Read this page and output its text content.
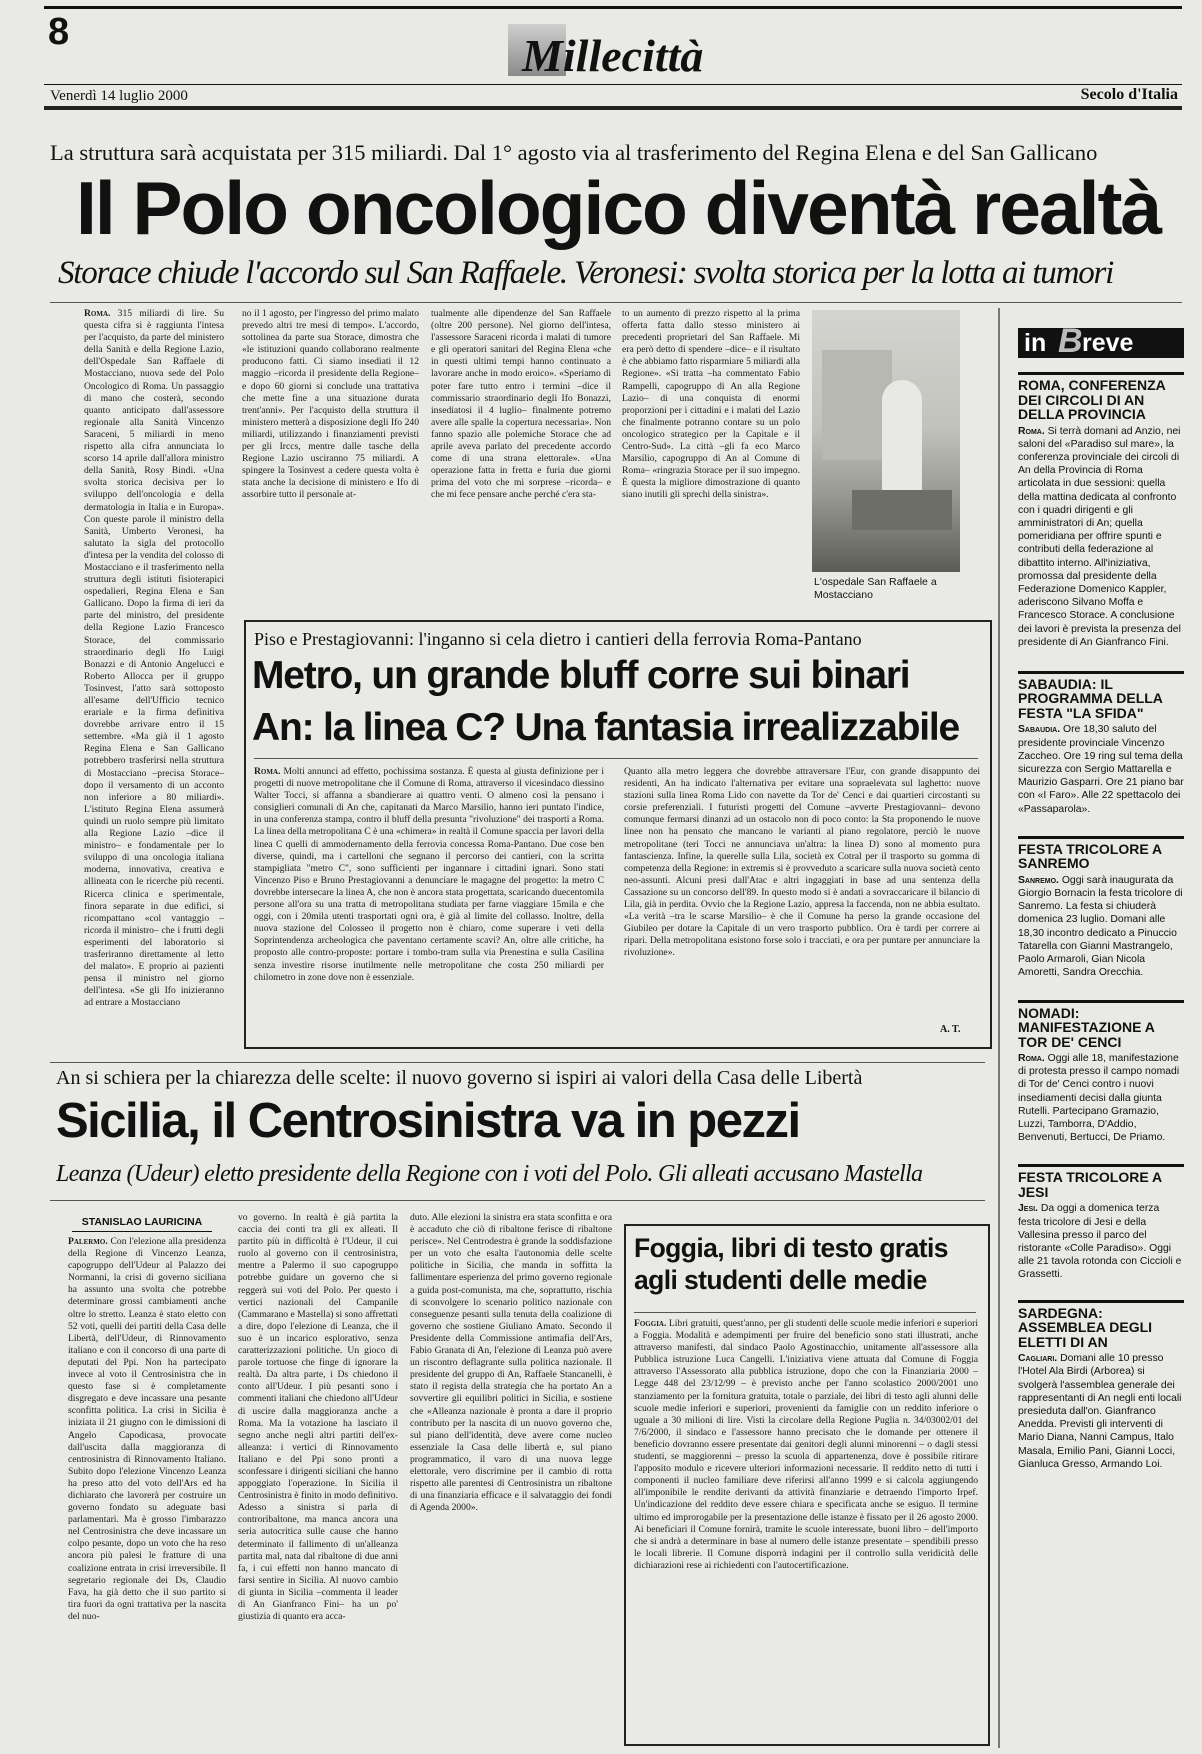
8	Millecittà
Venerdì 14 luglio 2000	Secolo d'Italia
La struttura sarà acquistata per 315 miliardi. Dal 1° agosto via al trasferimento del Regina Elena e del San Gallicano
Il Polo oncologico diventà realtà
Storace chiude l'accordo sul San Raffaele. Veronesi: svolta storica per la lotta ai tumori
Roma. 315 miliardi di lire. Su questa cifra si è raggiunta l'intesa per l'acquisto, da parte del ministero della Sanità e della Regione Lazio, dell'Ospedale San Raffaele di Mostacciano, nuova sede del Polo Oncologico di Roma. Un passaggio di mano che costerà, secondo quanto anticipato dall'assessore regionale alla Sanità Vincenzo Saraceni, 5 miliardi in meno rispetto alla cifra annunciata lo scorso 14 aprile dall'allora ministro della Sanità, Rosy Bindi. «Una svolta storica decisiva per lo sviluppo dell'oncologia e della dermatologia in Italia e in Europa». Con queste parole il ministro della Sanità, Umberto Veronesi, ha salutato la sigla del protocollo d'intesa per la vendita del colosso di Mostacciano e il trasferimento nella struttura degli istituti fisioterapici ospedalieri, Regina Elena e San Gallicano. Dopo la firma di ieri da parte del ministro, del presidente della Regione Lazio Francesco Storace, del commissario straordinario degli Ifo Luigi Bonazzi e di Antonio Angelucci e Roberto Allocca per il gruppo Tosinvest, l'atto sarà sottoposto all'esame dell'Ufficio tecnico erariale e la firma definitiva dovrebbe arrivare entro il 15 settembre. «Ma già il 1 agosto Regina Elena e San Gallicano potrebbero trasferirsi nella struttura di Mostacciano –precisa Storace– dopo il versamento di un acconto non inferiore a 80 miliardi». L'istituto Regina Elena assumerà quindi un ruolo sempre più limitato alla Regione Lazio –dice il ministro– e fondamentale per lo sviluppo di una oncologia italiana moderna, innovativa, creativa e allineata con le ricerche più recenti. Ricerca clinica e sperimentale, finora separate in due edifici, si ricompattano «col vantaggio –ricorda il ministro– che i frutti degli esperimenti del laboratorio si trasferiranno direttamente al letto del malato». E proprio ai pazienti pensa il ministro nel giorno dell'intesa. «Se gli Ifo inizieranno ad entrare a Mostacciano
no il 1 agosto, per l'ingresso del primo malato prevedo altri tre mesi di tempo». L'accordo, sottolinea da parte sua Storace, dimostra che «le istituzioni quando collaborano realmente producono fatti. Ci siamo insediati il 12 maggio –ricorda il presidente della Regione– e dopo 60 giorni si conclude una trattativa che mette fine a una situazione durata trent'anni». Per l'acquisto della struttura il ministero metterà a disposizione degli Ifo 240 miliardi, utilizzando i finanziamenti previsti per gli Irccs, mentre dalle tasche della Regione Lazio usciranno 75 miliardi. A spingere la Tosinvest a cedere questa volta è stata anche la decisione di ministero e Ifo di assorbire tutto il personale at-
tualmente alle dipendenze del San Raffaele (oltre 200 persone). Nel giorno dell'intesa, l'assessore Saraceni ricorda i malati di tumore e gli operatori sanitari del Regina Elena «che in questi ultimi tempi hanno continuato a lavorare anche in modo eroico». «Speriamo di poter fare tutto entro i termini –dice il commissario straordinario degli Ifo Bonazzi, insediatosi il 4 luglio– finalmente potremo avere alle spalle la copertura necessaria». Non fanno spazio alle polemiche Storace che ad aprile aveva parlato del precedente accordo come di una strana elettorale». «Una operazione fatta in fretta e furia due giorni prima del voto che mi sorprese –ricorda– e che mi fece pensare anche perché c'era sta-
to un aumento di prezzo rispetto al la prima offerta fatta dallo stesso ministero ai precedenti proprietari del San Raffaele. Mi era però detto di spendere –dice– e il risultato è che abbiamo fatto risparmiare 5 miliardi alla Regione». «Si tratta –ha commentato Fabio Rampelli, capogruppo di An alla Regione Lazio– di una conquista di enormi proporzioni per i cittadini e i malati del Lazio che finalmente potranno contare su un polo oncologico strategico per la Capitale e il Centro-Sud». La città –gli fa eco Marco Marsilio, capogruppo di An al Comune di Roma– «ringrazia Storace per il suo impegno. È questa la migliore dimostrazione di quanto siano inutili gli sprechi della sinistra».
L'ospedale San Raffaele a Mostacciano
Piso e Prestagiovanni: l'inganno si cela dietro i cantieri della ferrovia Roma-Pantano
Metro, un grande bluff corre sui binari
An: la linea C? Una fantasia irrealizzabile
Roma. Molti annunci ad effetto, pochissima sostanza. È questa al giusta definizione per i progetti di nuove metropolitane che il Comune di Roma, attraverso il vicesindaco diessino Walter Tocci, si affanna a sbandierare ai quattro venti. O almeno così la pensano i consiglieri comunali di An che, capitanati da Marco Marsilio, hanno ieri puntato l'indice, in una conferenza stampa, contro il bluff della presunta "rivoluzione" dei trasporti a Roma. La linea della metropolitana C è una «chimera» in realtà il Comune spaccia per lavori della linea C quelli di ammodernamento della ferrovia concessa Roma-Pantano. Due cose ben diverse, quindi, ma i cartelloni che segnano il percorso dei cantieri, con la scritta stampigliata "metro C", sono sufficienti per ingannare i cittadini ignari. Sono stati Vincenzo Piso e Bruno Prestagiovanni a denunciare le magagne del progetto: la metro C dovrebbe intersecare la linea A, che non è ancora stata progettata, scaricando duecentomila persone all'ora su una tratta di metropolitana studiata per farne viaggiare 15mila e che oggi, con i 20mila utenti trasportati ogni ora, è già al limite del collasso. Inoltre, della nuova stazione del Colosseo il progetto non è chiaro, come superare i veti della Soprintendenza archeologica che paventano certamente scavi? An, oltre alle critiche, ha proposto alle contro-proposte: portare i tombo-tram sulla via Prenestina e sulla Casilina senza investire risorse inutilmente nelle metropolitane che costa 250 miliardi per chilometro in zone dove non è essenziale.
Quanto alla metro leggera che dovrebbe attraversare l'Eur, con grande disappunto dei residenti, An ha indicato l'alternativa per evitare una sopraelevata sul laghetto: nuove stazioni sulla linea Roma Lido con navette da Tor de' Cenci e dai quartieri circostanti su corsie preferenziali. I futuristi progetti del Comune –avverte Prestagiovanni– devono comunque fermarsi dinanzi ad un ostacolo non di poco conto: la Sta proponendo le nuove linee non ha pensato che mancano le varianti al piano regolatore, perciò le nuove metropolitane (teri Tocci ne annunciava un'altra: la linea D) sono al momento pura fantascienza. Infine, la querelle sulla Lila, società ex Cotral per il trasporto su gomma di competenza della Regione: in extremis si è provveduto a scaricare sulla nuova società cento neo-assunti. Alcuni presi dall'Atac e altri ingaggiati in base ad una sentenza della Cassazione su un concorso dell'89. In questo modo si è andati a sovraccaricare il bilancio di Lila, già in perdita. Ovvio che la Regione Lazio, appresa la faccenda, non ne abbia esultato. «La verità –tra le scarse Marsilio– è che il Comune ha perso la grande occasione del Giubileo per dotare la Capitale di un vero trasporto pubblico. Ora è tardi per correre ai ripari. Della metropolitana esistono forse solo i tracciati, e ora per puntare per annunciare la rivoluzione».
A. T.
An si schiera per la chiarezza delle scelte: il nuovo governo si ispiri ai valori della Casa delle Libertà
Sicilia, il Centrosinistra va in pezzi
Leanza (Udeur) eletto presidente della Regione con i voti del Polo. Gli alleati accusano Mastella
STANISLAO LAURICINA
Palermo. Con l'elezione alla presidenza della Regione di Vincenzo Leanza, capogruppo dell'Udeur al Palazzo dei Normanni, la crisi di governo siciliana ha assunto una svolta che potrebbe determinare grossi cambiamenti anche oltre lo stretto. Leanza è stato eletto con 52 voti, quelli dei partiti della Casa delle Libertà, dell'Udeur, di Rinnovamento italiano e con il concorso di una parte di deputati del Ppi. Non ha partecipato invece al voto il Centrosinistra che in questo fase si è completamente disgregato e deve incassare una pesante sconfitta politica. La crisi in Sicilia è iniziata il 21 giugno con le dimissioni di Angelo Capodicasa, provocate dall'uscita dalla maggioranza di centrosinistra di Rinnovamento Italiano. Subito dopo l'elezione Vincenzo Leanza ha preso atto del voto dell'Ars ed ha dichiarato che lavorerà per costruire un governo fondato su adeguate basi parlamentari. Ma è grosso l'imbarazzo nel Centrosinistra che deve incassare un colpo pesante, dopo un voto che ha reso ancora più palesi le fratture di una coalizione entrata in crisi irreversibile. Il segretario regionale dei Ds, Claudio Fava, ha già detto che il suo partito si tira fuori da ogni trattativa per la nascita del nuo-
vo governo. In realtà è già partita la caccia dei conti tra gli ex alleati. Il partito più in difficoltà è l'Udeur, il cui ruolo al governo con il centrosinistra, mentre a Palermo il suo capogruppo potrebbe guidare un governo che si reggerà sui voti del Polo. Per questo i vertici nazionali del Campanile (Cammarano e Mastella) si sono affrettati a dire, dopo l'elezione di Leanza, che il suo è un incarico esplorativo, senza caratterizzazioni politiche. Un gioco di parole tortuose che finge di ignorare la realtà. Da altra parte, i Ds chiedono il conto all'Udeur. I più pesanti sono i commenti italiani che chiedono all'Udeur di uscire dalla maggioranza anche a Roma. Ma la votazione ha lasciato il segno anche negli altri partiti dell'ex-alleanza: i vertici di Rinnovamento Italiano e del Ppi sono pronti a sconfessare i dirigenti siciliani che hanno appoggiato l'operazione. In Sicilia il Centrosinistra è finito in modo definitivo. Adesso a sinistra si parla di controribaltone, ma manca ancora una seria autocritica sulle cause che hanno determinato il fallimento di un'alleanza partita mal, nata dal ribaltone di due anni fa, i cui effetti non hanno mancato di farsi sentire in Sicilia. Al nuovo cambio di giunta in Sicilia –commenta il leader di An Gianfranco Fini– ha un po' giustizia di quanto era acca-
duto. Alle elezioni la sinistra era stata sconfitta e ora è accaduto che ciò di ribaltone ferisce di ribaltone perisce». Nel Centrodestra è grande la soddisfazione per un voto che esalta l'autonomia delle scelte politiche in Sicilia, che manda in soffitta la fallimentare esperienza del primo governo regionale a guida post-comunista, ma che, soprattutto, rischia di sconvolgere lo scenario politico nazionale con conseguenze pesanti sulla tenuta della coalizione di governo che sostiene Giuliano Amato. Secondo il Presidente della Commissione antimafia dell'Ars, Fabio Granata di An, l'elezione di Leanza può avere un riscontro deflagrante sulla politica nazionale. Il presidente del gruppo di An, Raffaele Stancanelli, è stato il regista della strategia che ha portato An a sovvertire gli equilibri politici in Sicilia, e sostiene che «Alleanza nazionale è pronta a dare il proprio contributo per la nascita di un nuovo governo che, sul piano dell'identità, deve avere come nucleo essenziale la Casa delle libertà e, sul piano programmatico, il varo di una nuova legge elettorale, vero discrimine per il cambio di rotta rispetto alle parentesi di Centrosinistra un ribaltone di una finanziaria efficace e il salvataggio dei fondi di Agenda 2000».
Foggia, libri di testo gratis agli studenti delle medie
Foggia. Libri gratuiti, quest'anno, per gli studenti delle scuole medie inferiori e superiori a Foggia. Modalità e adempimenti per fruire del beneficio sono stati illustrati, anche attraverso manifesti, dal sindaco Paolo Agostinacchio, unitamente all'assessore alla Pubblica istruzione Luca Cangelli. L'iniziativa viene attuata dal Comune di Foggia attraverso l'Assessorato alla pubblica istruzione, dopo che con la Finanziaria 2000 – Legge 448 del 23/12/99 – è previsto anche per l'anno scolastico 2000/2001 uno stanziamento per la fornitura gratuita, totale o parziale, dei libri di testo agli alunni delle scuole medie inferiori e superiori, provenienti da famiglie con un reddito inferiore o uguale a 30 milioni di lire. Visti la circolare della Regione Puglia n. 34/03002/01 del 7/6/2000, il sindaco e l'assessore hanno precisato che le domande per ottenere il beneficio dovranno essere presentate dai genitori degli alunni minorenni – o dagli stessi studenti, se maggiorenni – presso la scuola di appartenenza, dove è possibile ritirare l'apposito modulo e ricevere ulteriori informazioni necessarie. Il reddito netto di tutti i componenti il nucleo familiare deve riferirsi all'anno 1999 e si calcola aggiungendo all'imponibile le rendite derivanti da attività finanziarie e detraendo l'importo Irpef. Un'indicazione del reddito deve essere chiara e specificata anche se esiguo. Il termine ultimo ed improrogabile per la presentazione delle istanze è fissato per il 26 agosto 2000. Ai beneficiari il Comune fornirà, tramite le scuole interessate, buoni libro – dell'importo che si andrà a determinare in base al numero delle istanze presentate – spendibili presso le locali librerie. Il Comune disporrà indagini per il controllo sulla veridicità delle dichiarazioni rese ai richiedenti con l'autocertificazione.
in B reve
ROMA, CONFERENZA DEI CIRCOLI DI AN DELLA PROVINCIA
Roma. Si terrà domani ad Anzio, nei saloni del «Paradiso sul mare», la conferenza provinciale dei circoli di An della Provincia di Roma articolata in due sessioni: quella della mattina dedicata al confronto con i quadri dirigenti e gli amministratori di An; quella pomeridiana per offrire spunti e contributi della federazione al dibattito interno. All'iniziativa, promossa dal presidente della Federazione Domenico Kappler, aderiscono Silvano Moffa e Francesco Storace. A conclusione dei lavori è prevista la presenza del presidente di An Gianfranco Fini.
SABAUDIA: IL PROGRAMMA DELLA FESTA "LA SFIDA"
Sabaudia. Ore 18,30 saluto del presidente provinciale Vincenzo Zaccheo. Ore 19 ring sul tema della sicurezza con Sergio Mattarella e Maurizio Gasparri. Ore 21 piano bar con «I Faro». Alle 22 spettacolo dei «Passaparola».
FESTA TRICOLORE A SANREMO
Sanremo. Oggi sarà inaugurata da Giorgio Bornacin la festa tricolore di Sanremo. La festa si chiuderà domenica 23 luglio. Domani alle 18,30 incontro dedicato a Pinuccio Tatarella con Gianni Mastrangelo, Paolo Armaroli, Gian Nicola Amoretti, Sandra Orecchia.
NOMADI: MANIFESTAZIONE A TOR DE' CENCI
Roma. Oggi alle 18, manifestazione di protesta presso il campo nomadi di Tor de' Cenci contro i nuovi insediamenti decisi dalla giunta Rutelli. Partecipano Gramazio, Luzzi, Tamborra, D'Addio, Benvenuti, Bertucci, De Priamo.
FESTA TRICOLORE A JESI
Jesi. Da oggi a domenica terza festa tricolore di Jesi e della Vallesina presso il parco del ristorante «Colle Paradiso». Oggi alle 21 tavola rotonda con Ciccioli e Grassetti.
SARDEGNA: ASSEMBLEA DEGLI ELETTI DI AN
Cagliari. Domani alle 10 presso l'Hotel Ala Birdi (Arborea) si svolgerà l'assemblea generale dei rappresentanti di An negli enti locali presieduta dall'on. Gianfranco Anedda. Previsti gli interventi di Mario Diana, Nanni Campus, Italo Masala, Emilio Pani, Gianni Locci, Gianluca Gresso, Armando Loi.
